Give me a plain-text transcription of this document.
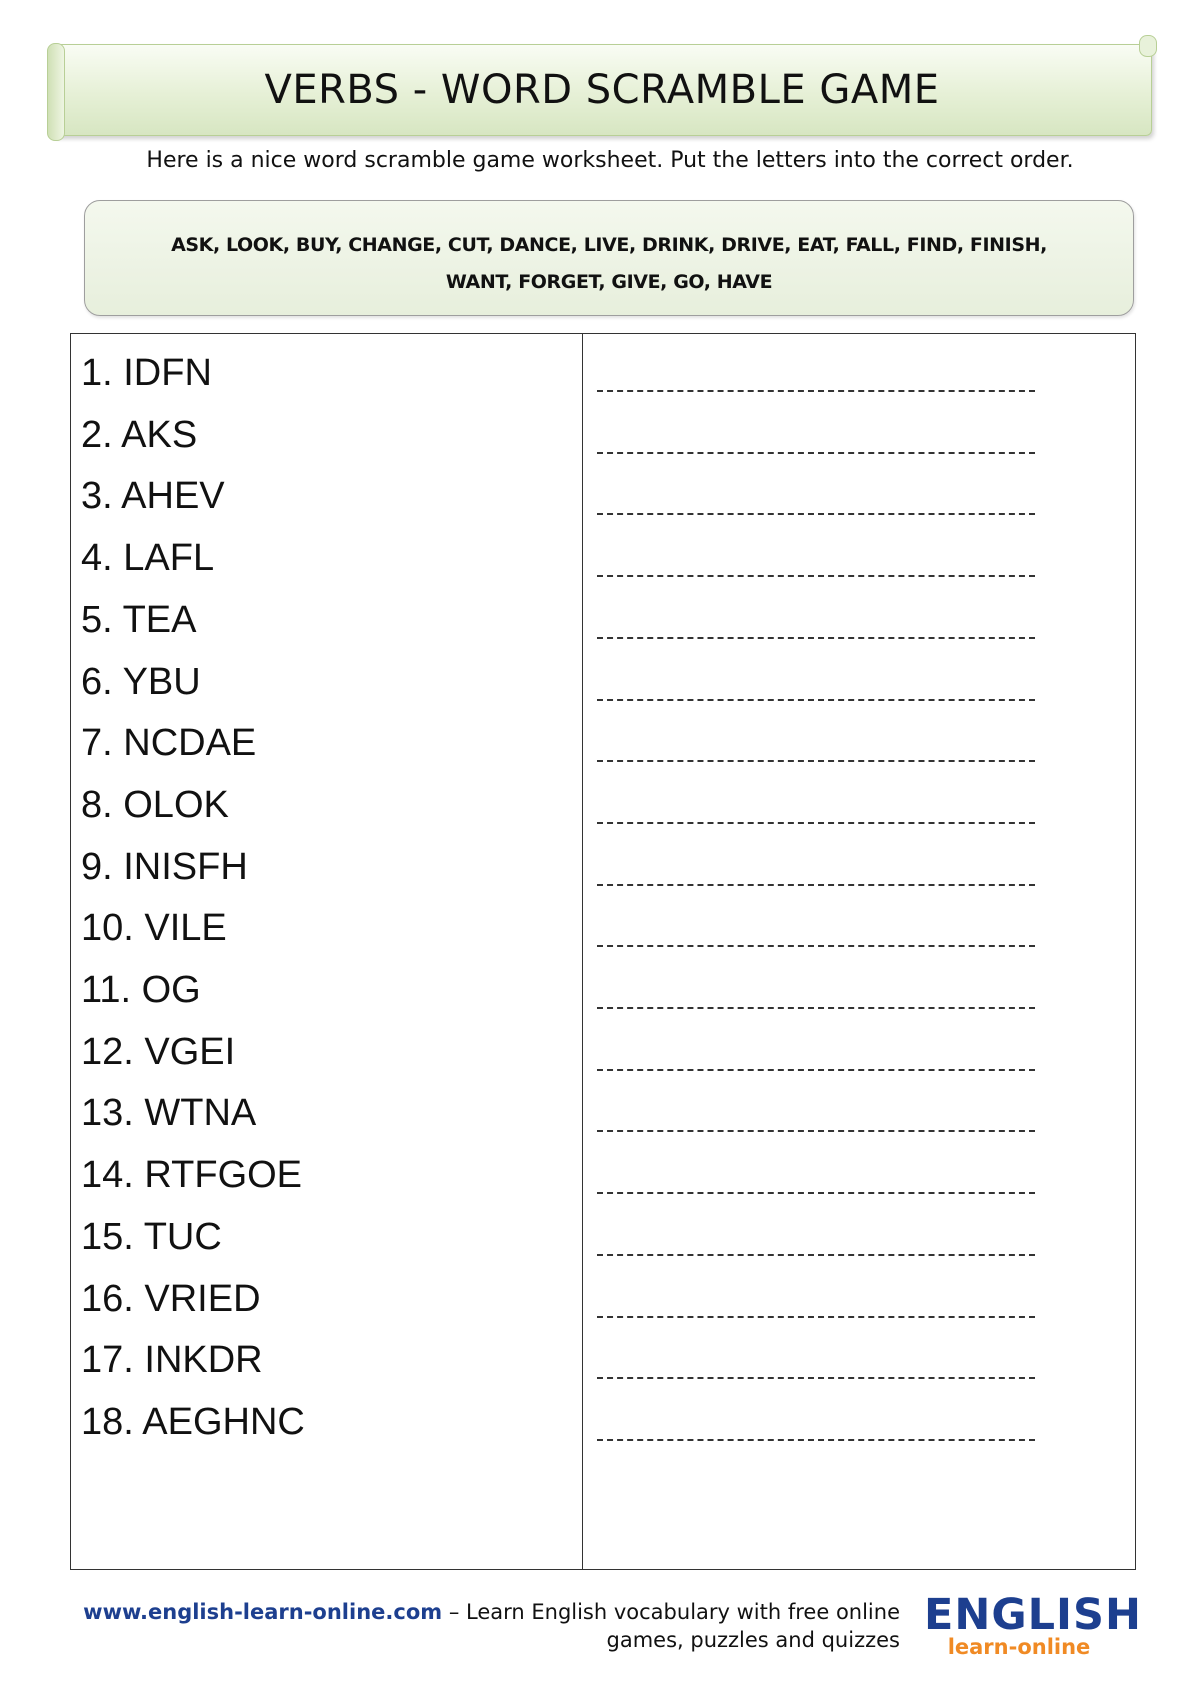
VERBS - WORD SCRAMBLE GAME
Here is a nice word scramble game worksheet. Put the letters into the correct order.
ASK, LOOK, BUY, CHANGE, CUT, DANCE, LIVE, DRINK, DRIVE, EAT, FALL, FIND, FINISH,
WANT, FORGET, GIVE, GO, HAVE
1. IDFN
2. AKS
3. AHEV
4. LAFL
5. TEA
6. YBU
7. NCDAE
8. OLOK
9. INISFH
10. VILE
11. OG
12. VGEI
13. WTNA
14. RTFGOE
15. TUC
16. VRIED
17. INKDR
18. AEGHNC
www.english-learn-online.com – Learn English vocabulary with free online
games, puzzles and quizzes ENGLISH
learn-online
